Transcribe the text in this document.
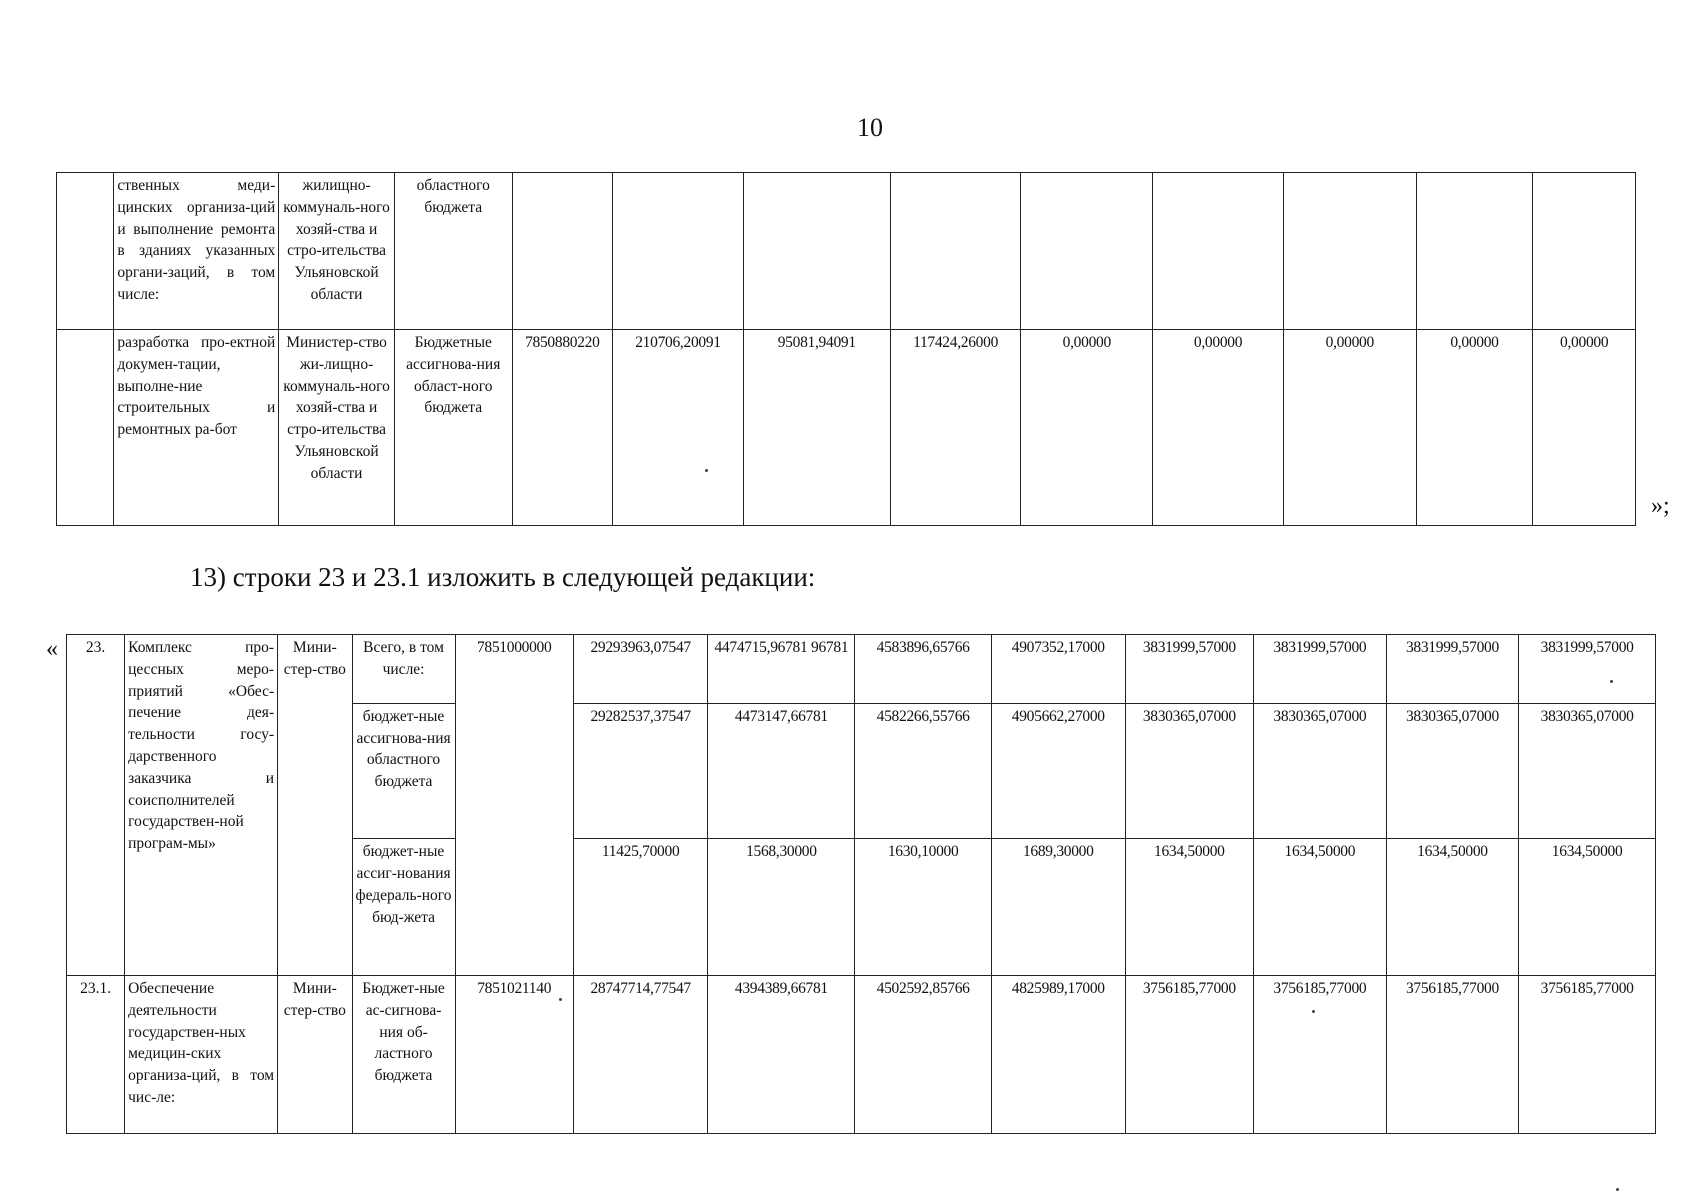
10
	ственных меди-цинских организа-ций и выполнение ремонта в зданиях указанных органи-заций, в том числе:	жилищно-коммуналь-ного хозяй-ства и стро-ительства Ульяновской области	областного бюджета									
	разработка про-ектной докумен-тации, выполне-ние строительных и ремонтных ра-бот	Министер-ство жи-лищно-коммуналь-ного хозяй-ства и стро-ительства Ульяновской области	Бюджетные ассигнова-ния област-ного бюджета	7850880220	210706,20091	95081,94091	117424,26000	0,00000	0,00000	0,00000	0,00000	0,00000
»;
13) строки 23 и 23.1 изложить в следующей редакции:
« 23.	Комплекс про-цессных меро-приятий «Обес-печение дея-тельности госу-дарственного заказчика и соисполнителей государствен-ной програм-мы»	Мини-стер-ство	Всего, в том числе:	7851000000	29293963,07547	4474715,96781 96781	4583896,65766	4907352,17000	3831999,57000	3831999,57000	3831999,57000	3831999,57000
			бюджет-ные ассигнова-ния областного бюджета		29282537,37547	4473147,66781	4582266,55766	4905662,27000	3830365,07000	3830365,07000	3830365,07000	3830365,07000
			бюджет-ные ассиг-нования федераль-ного бюд-жета		11425,70000	1568,30000	1630,10000	1689,30000	1634,50000	1634,50000	1634,50000	1634,50000
23.1.	Обеспечение деятельности государствен-ных медицин-ских организа-ций, в том чис-ле:	Мини-стер-ство	Бюджет-ные ас-сигнова-ния об-ластного бюджета	7851021140	28747714,77547	4394389,66781	4502592,85766	4825989,17000	3756185,77000	3756185,77000	3756185,77000	3756185,77000
